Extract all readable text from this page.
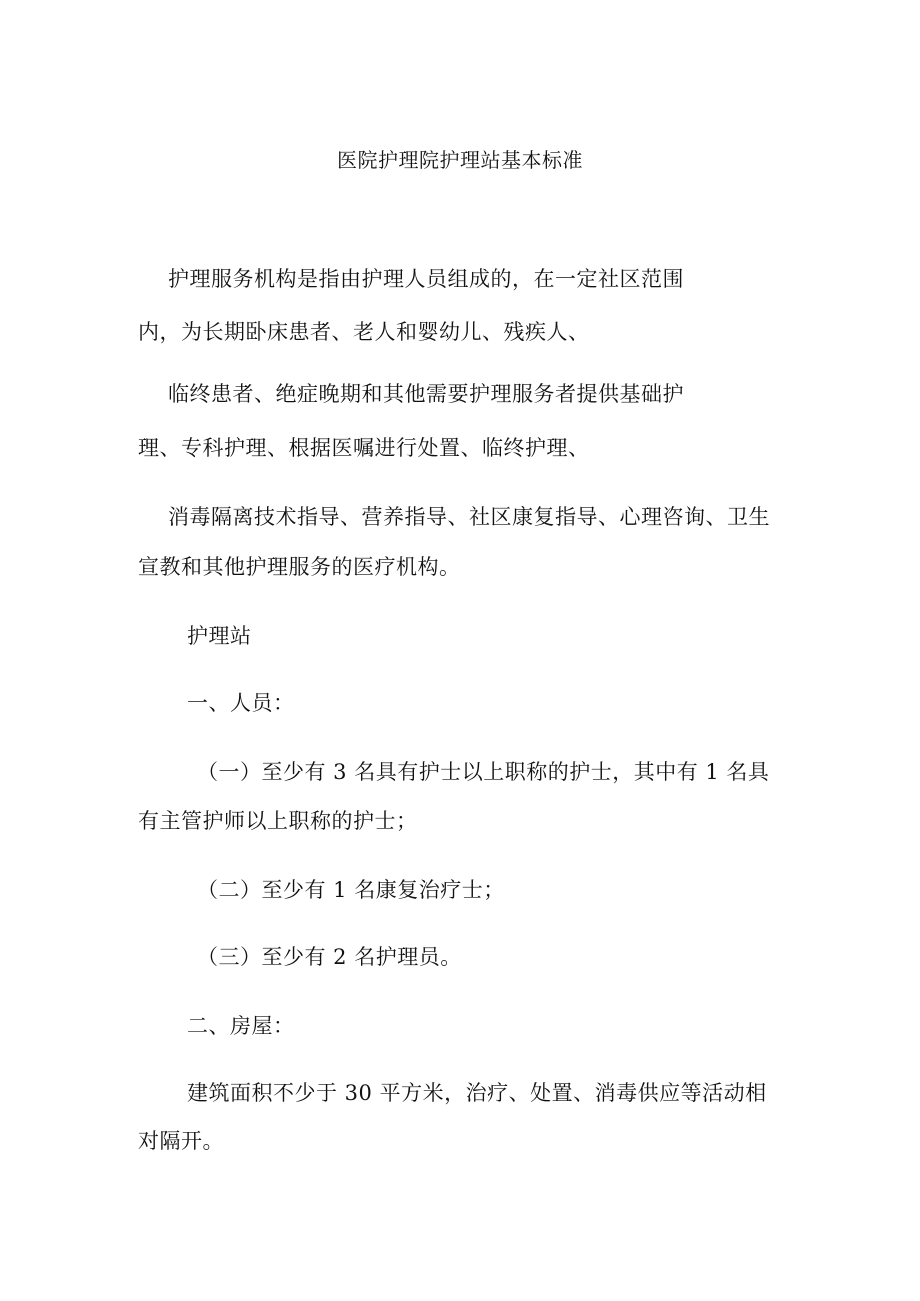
医院护理院护理站基本标准
护理服务机构是指由护理人员组成的，在一定社区范围
内，为长期卧床患者、老人和婴幼儿、残疾人、
临终患者、绝症晚期和其他需要护理服务者提供基础护
理、专科护理、根据医嘱进行处置、临终护理、
消毒隔离技术指导、营养指导、社区康复指导、心理咨询、卫生
宣教和其他护理服务的医疗机构。
护理站
一、人员：
（一）至少有 3 名具有护士以上职称的护士，其中有 1 名具
有主管护师以上职称的护士；
（二）至少有 1 名康复治疗士；
（三）至少有 2 名护理员。
二、房屋：
建筑面积不少于 30 平方米，治疗、处置、消毒供应等活动相
对隔开。
